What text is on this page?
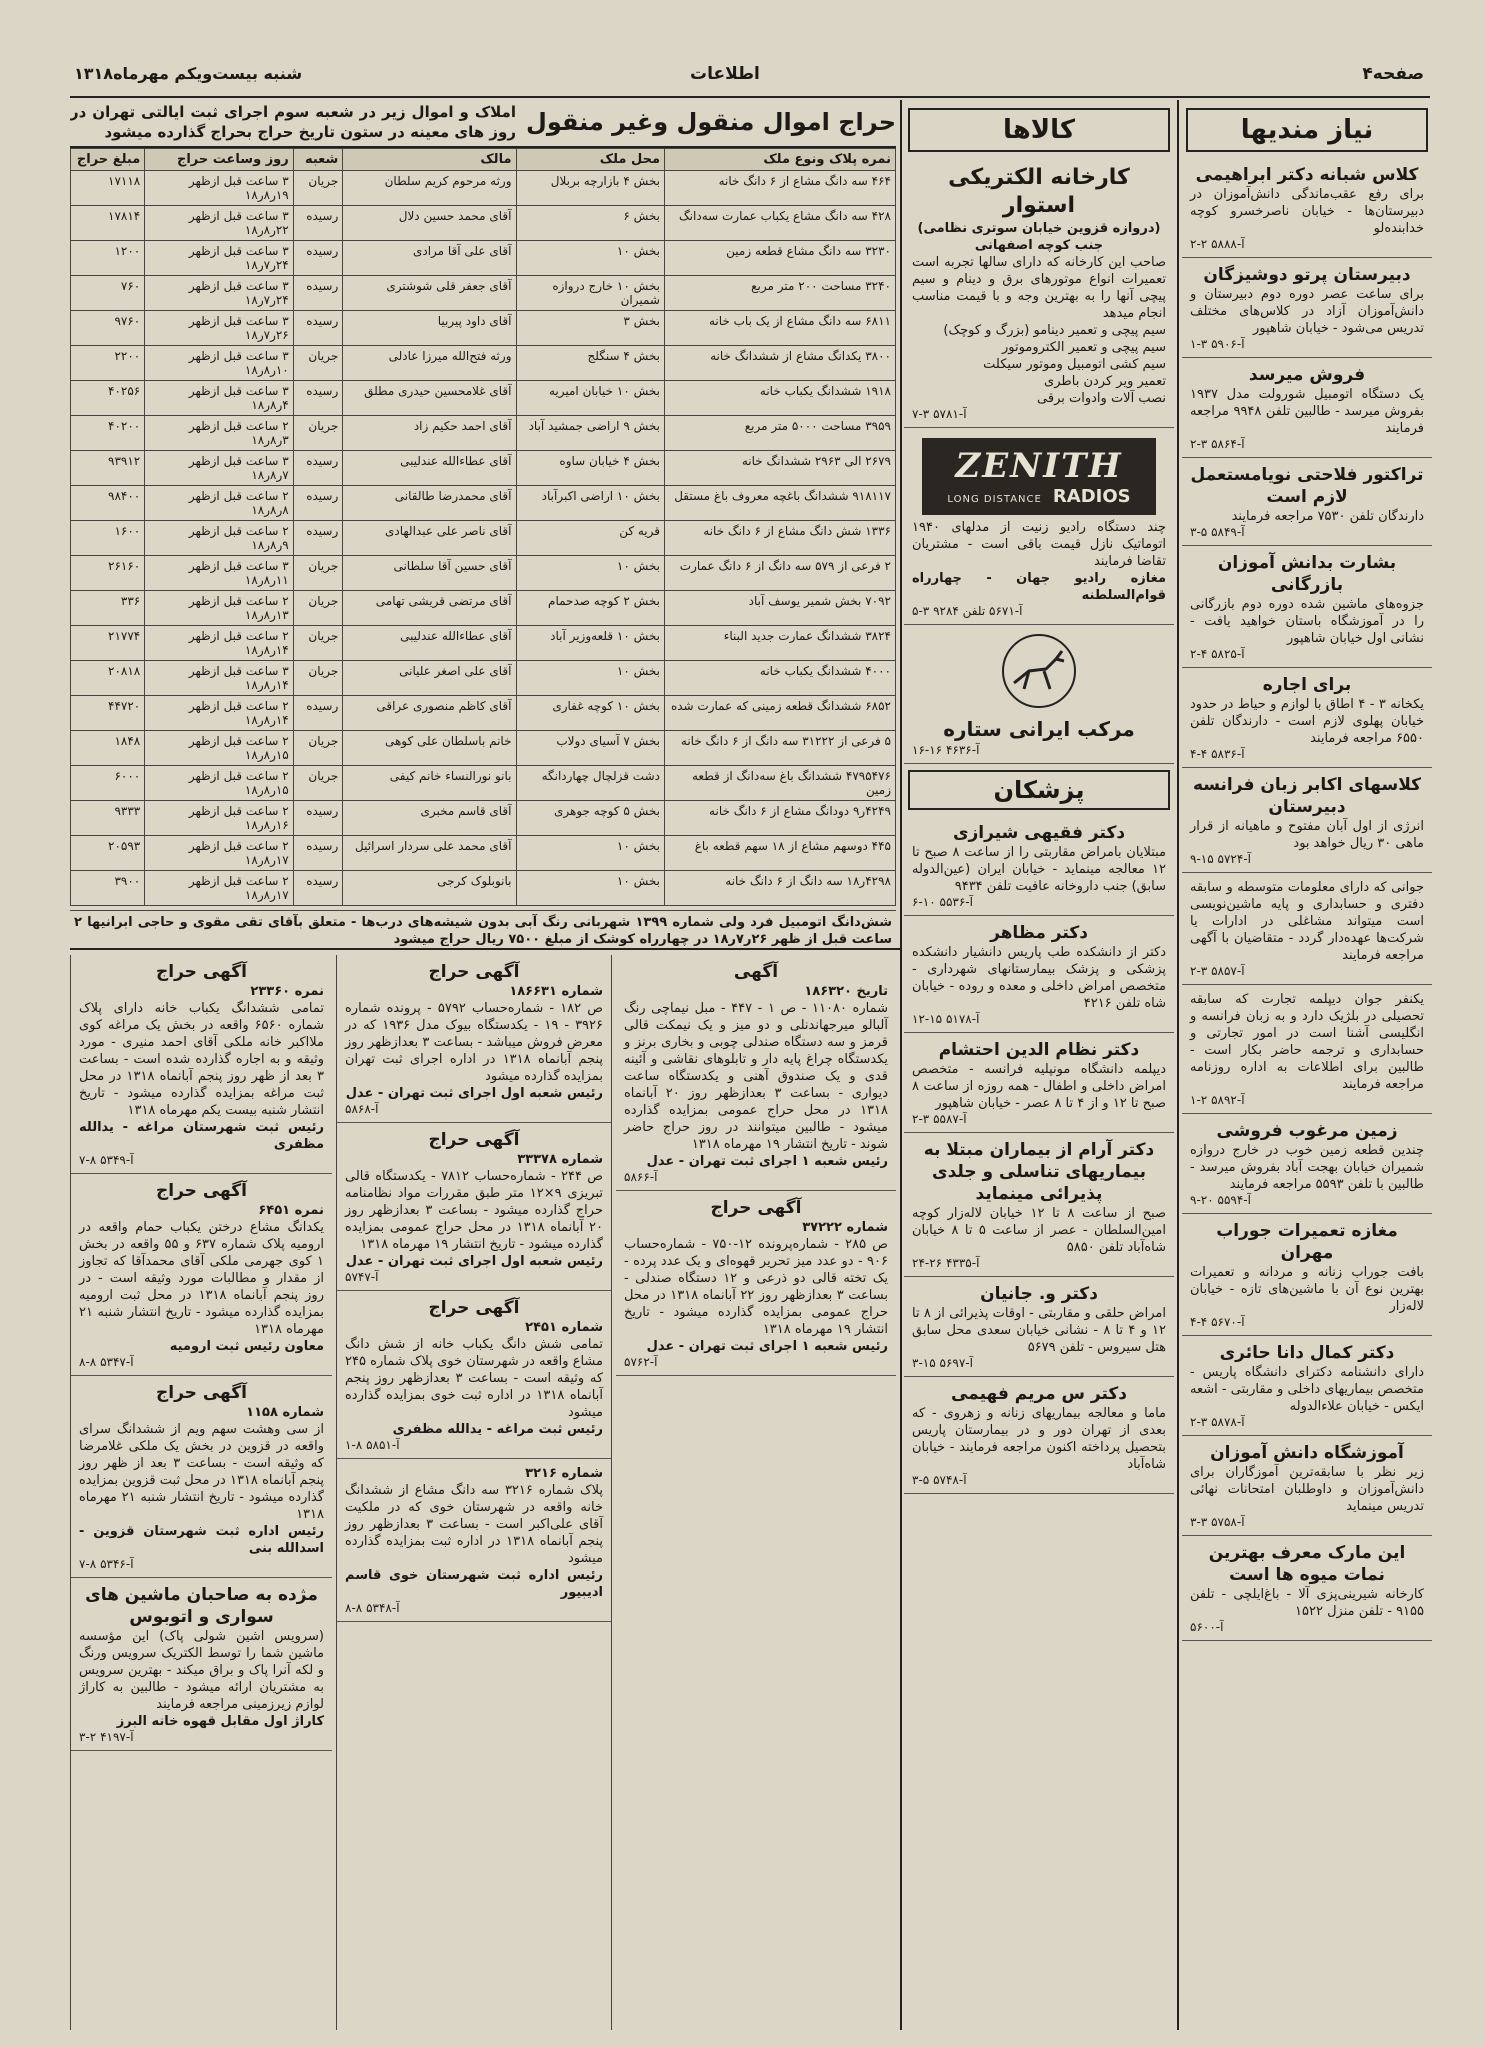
صفحه۴
اطلاعات
شنبه بیست‌ویکم مهرماه۱۳۱۸
نیاز مندیها
کلاس شبانه دکتر ابراهیمی
برای رفع عقب‌ماندگی دانش‌آموزان در دبیرستان‌ها - خیابان ناصرخسرو کوچه خدابنده‌لو
آ-۵۸۸۸ ۲-۲
دبیرستان پرتو دوشیزگان
برای ساعت عصر دوره دوم دبیرستان و دانش‌آموزان آزاد در کلاس‌های مختلف تدریس می‌شود - خیابان شاهپور
آ-۵۹۰۶ ۳-۱
فروش میرسد
یک دستگاه اتومبیل شورولت مدل ۱۹۳۷ بفروش میرسد - طالبین تلفن ۹۹۴۸ مراجعه فرمایند
آ-۵۸۶۴ ۳-۲
تراکتور فلاحتی نویامستعمل لازم است
دارندگان تلفن ۷۵۳۰ مراجعه فرمایند
آ-۵۸۴۹ ۵-۳
بشارت بدانش آموزان بازرگانی
جزوه‌های ماشین شده دوره دوم بازرگانی را در آموزشگاه باستان خواهید یافت - نشانی اول خیابان شاهپور
آ-۵۸۲۵ ۴-۲
برای اجاره
یکخانه ۳ - ۴ اطاق با لوازم و حیاط در حدود خیابان پهلوی لازم است - دارندگان تلفن ۶۵۵۰ مراجعه فرمایند
آ-۵۸۳۶ ۴-۴
کلاسهای اکابر زبان فرانسه دبیرستان
انرژی از اول آبان مفتوح و ماهیانه از قرار ماهی ۳۰ ریال خواهد بود
آ-۵۷۲۴ ۱۵-۹
جوانی که دارای معلومات متوسطه و سابقه دفتری و حسابداری و پایه ماشین‌نویسی است میتواند مشاغلی در ادارات یا شرکت‌ها عهده‌دار گردد - متقاضیان با آگهی مراجعه فرمایند
آ-۵۸۵۷ ۳-۲
یکنفر جوان دیپلمه تجارت که سابقه تحصیلی در بلژیک دارد و به زبان فرانسه و انگلیسی آشنا است در امور تجارتی و حسابداری و ترجمه حاضر بکار است - طالبین برای اطلاعات به اداره روزنامه مراجعه فرمایند
آ-۵۸۹۲ ۲-۱
زمین مرغوب فروشی
چندین قطعه زمین خوب در خارج دروازه شمیران خیابان بهجت آباد بفروش میرسد - طالبین با تلفن ۵۵۹۳ مراجعه فرمایند
آ-۵۵۹۴ ۲۰-۹
مغازه تعمیرات جوراب مهران
بافت جوراب زنانه و مردانه و تعمیرات بهترین نوع آن با ماشین‌های تازه - خیابان لاله‌زار
آ-۵۶۷۰ ۴-۴
دکتر کمال دانا حائری
دارای دانشنامه دکترای دانشگاه پاریس - متخصص بیماریهای داخلی و مقاربتی - اشعه ایکس - خیابان علاءالدوله
آ-۵۸۷۸ ۳-۲
آموزشگاه دانش آموزان
زیر نظر با سابقه‌ترین آموزگاران برای دانش‌آموزان و داوطلبان امتحانات نهائی تدریس مینماید
آ-۵۷۵۸ ۳-۳
این مارک معرف بهترین نمات میوه ها است
کارخانه شیرینی‌پزی آلا - باغ‌ایلچی - تلفن ۹۱۵۵ - تلفن منزل ۱۵۲۲
آ-۵۶۰۰
کالاها
کارخانه الکتریکی استوار
(دروازه قزوین خیابان سوتری نظامی) جنب کوچه اصفهانی
صاحب این کارخانه که دارای سالها تجربه است تعمیرات انواع موتورهای برق و دینام و سیم پیچی آنها را به بهترین وجه و با قیمت مناسب انجام میدهد
سیم پیچی و تعمیر دینامو (بزرگ و کوچک)
سیم پیچی و تعمیر الکتروموتور
سیم کشی اتومبیل وموتور سیکلت
تعمیر ویر کردن باطری
نصب آلات وادوات برقی
آ-۵۷۸۱ ۳-۷
ZENITH
LONG DISTANCE RADIOS
چند دستگاه رادیو زنیت از مدلهای ۱۹۴۰ اتوماتیک نازل قیمت باقی است - مشتریان تقاضا فرمایند
مغازه رادیو جهان - چهارراه قوام‌السلطنه
آ-۵۶۷۱ تلفن ۹۲۸۴ ۳-۵
مرکب ایرانی ستاره
آ-۴۶۳۶ ۱۶-۱۶
پزشکان
دکتر فقیهی شیرازی
مبتلایان بامراض مقاربتی را از ساعت ۸ صبح تا ۱۲ معالجه مینماید - خیابان ایران (عین‌الدوله سابق) جنب داروخانه عافیت تلفن ۹۴۳۴
آ-۵۵۳۶ ۱۰-۶
دکتر مظاهر
دکتر از دانشکده طب پاریس دانشیار دانشکده پزشکی و پزشک بیمارستانهای شهرداری - متخصص امراض داخلی و معده و روده - خیابان شاه تلفن ۴۲۱۶
آ-۵۱۷۸ ۱۵-۱۲
دکتر نظام الدین احتشام
دیپلمه دانشگاه مونپلیه فرانسه - متخصص امراض داخلی و اطفال - همه روزه از ساعت ۸ صبح تا ۱۲ و از ۴ تا ۸ عصر - خیابان شاهپور
آ-۵۵۸۷ ۳-۲
دکتر آرام از بیماران مبتلا به بیماریهای تناسلی و جلدی پذیرائی مینماید
صبح از ساعت ۸ تا ۱۲ خیابان لاله‌زار کوچه امین‌السلطان - عصر از ساعت ۵ تا ۸ خیابان شاه‌آباد تلفن ۵۸۵۰
آ-۴۳۳۵ ۲۶-۲۴
دکتر و. جانیان
امراض حلقی و مقاربتی - اوقات پذیرائی از ۸ تا ۱۲ و ۴ تا ۸ - نشانی خیابان سعدی محل سابق هتل سیروس - تلفن ۵۶۷۹
آ-۵۶۹۷ ۱۵-۳
دکتر س مریم فهیمی
ماما و معالجه بیماریهای زنانه و زهروی - که بعدی از تهران دور و در بیمارستان پاریس بتحصیل پرداخته اکنون مراجعه فرمایند - خیابان شاه‌آباد
آ-۵۷۴۸ ۵-۳
حراج اموال منقول وغیر منقول
املاک و اموال زیر در شعبه سوم اجرای ثبت ایالتی تهران در روز های معینه در ستون تاریخ حراج بحراج گذارده میشود
نمره پلاک ونوع ملک	محل ملک	مالک	شعبه	روز وساعت حراج	مبلغ حراج
۴۶۴ سه دانگ مشاع از ۶ دانگ خانه	بخش ۴ بازارچه بربلال	ورثه مرحوم کریم سلطان	جریان	۳ ساعت قبل ازظهر ۱۹ر۸ر۱۸	۱۷۱۱۸
۴۲۸ سه دانگ مشاع یکباب عمارت سه‌دانگ	بخش ۶	آقای محمد حسین دلال	رسیده	۳ ساعت قبل ازظهر ۲۲ر۸ر۱۸	۱۷۸۱۴
۳۲۳۰ سه دانگ مشاع قطعه زمین	بخش ۱۰	آقای علی آقا مرادی	رسیده	۳ ساعت قبل ازظهر ۲۴ر۷ر۱۸	۱۲۰۰
۳۲۴۰ مساحت ۲۰۰ متر مربع	بخش ۱۰ خارج دروازه شمیران	آقای جعفر قلی شوشتری	رسیده	۳ ساعت قبل ازظهر ۲۴ر۷ر۱۸	۷۶۰
۶۸۱۱ سه دانگ مشاع از یک باب خانه	بخش ۳	آقای داود پیربیا	رسیده	۳ ساعت قبل ازظهر ۲۶ر۷ر۱۸	۹۷۶۰
۳۸۰۰ یکدانگ مشاع از ششدانگ خانه	بخش ۴ سنگلج	ورثه فتح‌الله میرزا عادلی	جریان	۳ ساعت قبل ازظهر ۱۰ر۸ر۱۸	۲۲۰۰
۱۹۱۸ ششدانگ یکباب خانه	بخش ۱۰ خیابان امیریه	آقای غلامحسین حیدری مطلق	رسیده	۳ ساعت قبل ازظهر ۴ر۸ر۱۸	۴۰۲۵۶
۳۹۵۹ مساحت ۵۰۰۰ متر مربع	بخش ۹ اراضی جمشید آباد	آقای احمد حکیم زاد	جریان	۲ ساعت قبل ازظهر ۳ر۸ر۱۸	۴۰۲۰۰
۲۶۷۹ الی ۲۹۶۳ ششدانگ خانه	بخش ۴ خیابان ساوه	آقای عطاءالله عندلیبی	رسیده	۳ ساعت قبل ازظهر ۷ر۸ر۱۸	۹۳۹۱۲
۹۱۸۱۱۷ ششدانگ باغچه معروف باغ مستقل	بخش ۱۰ اراضی اکبرآباد	آقای محمدرضا طالقانی	رسیده	۲ ساعت قبل ازظهر ۸ر۸ر۱۸	۹۸۴۰۰
۱۳۳۶ شش دانگ مشاع از ۶ دانگ خانه	قریه کن	آقای ناصر علی عبدالهادی	رسیده	۲ ساعت قبل ازظهر ۹ر۸ر۱۸	۱۶۰۰
۲ فرعی از ۵۷۹ سه دانگ از ۶ دانگ عمارت	بخش ۱۰	آقای حسین آقا سلطانی	جریان	۳ ساعت قبل ازظهر ۱۱ر۸ر۱۸	۲۶۱۶۰
۷۰۹۲ بخش شمیر یوسف آباد	بخش ۲ کوچه صدحمام	آقای مرتضی قریشی تهامی	جریان	۲ ساعت قبل ازظهر ۱۳ر۸ر۱۸	۳۳۶
۳۸۲۴ ششدانگ عمارت جدید البناء	بخش ۱۰ قلعه‌وزیر آباد	آقای عطاءالله عندلیبی	جریان	۲ ساعت قبل ازظهر ۱۴ر۸ر۱۸	۲۱۷۷۴
۴۰۰۰ ششدانگ یکباب خانه	بخش ۱۰	آقای علی اصغر علیانی	جریان	۳ ساعت قبل ازظهر ۱۴ر۸ر۱۸	۲۰۸۱۸
۶۸۵۲ ششدانگ قطعه زمینی که عمارت شده	بخش ۱۰ کوچه غفاری	آقای کاظم منصوری عراقی	رسیده	۲ ساعت قبل ازظهر ۱۴ر۸ر۱۸	۴۴۷۲۰
۵ فرعی از ۳۱۲۲۲ سه دانگ از ۶ دانگ خانه	بخش ۷ آسیای دولاب	خانم باسلطان علی کوهی	جریان	۲ ساعت قبل ازظهر ۱۵ر۸ر۱۸	۱۸۴۸
۴۷۹۵۴۷۶ ششدانگ باغ سه‌دانگ از قطعه زمین	دشت قزلچال چهاردانگه	بانو نورالنساء خانم کیفی	جریان	۲ ساعت قبل ازظهر ۱۵ر۸ر۱۸	۶۰۰۰
۴۲۴۹ر۹ دودانگ مشاع از ۶ دانگ خانه	بخش ۵ کوچه جوهری	آقای قاسم مخبری	رسیده	۲ ساعت قبل ازظهر ۱۶ر۸ر۱۸	۹۳۳۳
۴۴۵ دوسهم مشاع از ۱۸ سهم قطعه باغ	بخش ۱۰	آقای محمد علی سردار اسرائیل	رسیده	۲ ساعت قبل ازظهر ۱۷ر۸ر۱۸	۲۰۵۹۳
۴۲۹۸ر۱۸ سه دانگ از ۶ دانگ خانه	بخش ۱۰	بانوبلوک کرجی	رسیده	۲ ساعت قبل ازظهر ۱۷ر۸ر۱۸	۳۹۰۰
شش‌دانگ اتومبیل فرد ولی شماره ۱۳۹۹ شهربانی رنگ آبی بدون شیشه‌های درب‌ها - متعلق بآقای تقی مقوی و حاجی ابرانیها ۲ ساعت قبل از ظهر ۲۶ر۷ر۱۸ در چهارراه کوشک از مبلغ ۷۵۰۰ ریال حراج میشود
آگهی حراج
نمره ۲۳۳۶۰
تمامی ششدانگ یکباب خانه دارای پلاک شماره ۶۵۶۰ واقعه در بخش یک مراغه کوی ملااکبر خانه ملکی آقای احمد منیری - مورد وثیقه و به اجاره گذارده شده است - بساعت ۳ بعد از ظهر روز پنجم آبانماه ۱۳۱۸ در محل ثبت مراغه بمزایده گذارده میشود - تاریخ انتشار شنبه بیست یکم مهرماه ۱۳۱۸
رئیس ثبت شهرستان مراغه - یدالله مظفری
آ-۵۳۴۹ ۸-۷
آگهی حراج
نمره ۶۴۵۱
یکدانگ مشاع درختن یکباب حمام واقعه در ارومیه پلاک شماره ۶۳۷ و ۵۵ واقعه در بخش ۱ کوی جهرمی ملکی آقای محمدآقا که تجاوز از مقدار و مطالبات مورد وثیقه است - در روز پنجم آبانماه ۱۳۱۸ در محل ثبت ارومیه بمزایده گذارده میشود - تاریخ انتشار شنبه ۲۱ مهرماه ۱۳۱۸
معاون رئیس ثبت ارومیه
آ-۵۳۴۷ ۸-۸
آگهی حراج
شماره ۱۱۵۸
از سی وهشت سهم ویم از ششدانگ سرای واقعه در قزوین در بخش یک ملکی غلامرضا که وثیقه است - بساعت ۳ بعد از ظهر روز پنجم آبانماه ۱۳۱۸ در محل ثبت قزوین بمزایده گذارده میشود - تاریخ انتشار شنبه ۲۱ مهرماه ۱۳۱۸
رئیس اداره ثبت شهرستان قزوین - اسدالله بنی
آ-۵۳۴۶ ۸-۷
مژده به صاحبان ماشین های سواری و اتوبوس
(سرویس اشین شولی پاک) این مؤسسه ماشین شما را توسط الکتریک سرویس ورنگ و لکه آنرا پاک و براق میکند - بهترین سرویس به مشتریان ارائه میشود - طالبین به کاراژ لوازم زیرزمینی مراجعه فرمایند
کاراژ اول مقابل قهوه خانه البرز
آ-۴۱۹۷ ۲-۳
آگهی حراج
شماره ۱۸۶۶۳۱
ص ۱۸۲ - شماره‌حساب ۵۷۹۲ - پرونده شماره ۳۹۲۶ - ۱۹ - یکدستگاه بیوک مدل ۱۹۳۶ که در معرض فروش میباشد - بساعت ۳ بعدازظهر روز پنجم آبانماه ۱۳۱۸ در اداره اجرای ثبت تهران بمزایده گذارده میشود
رئیس شعبه اول اجرای ثبت تهران - عدل
آ-۵۸۶۸
آگهی حراج
شماره ۳۳۳۷۸
ص ۲۴۴ - شماره‌حساب ۷۸۱۲ - یکدستگاه قالی تبریزی ۹×۱۲ متر طبق مقررات مواد نظامنامه حراج گذارده میشود - بساعت ۳ بعدازظهر روز ۲۰ آبانماه ۱۳۱۸ در محل حراج عمومی بمزایده گذارده میشود - تاریخ انتشار ۱۹ مهرماه ۱۳۱۸
رئیس شعبه اول اجرای ثبت تهران - عدل
آ-۵۷۴۷
آگهی حراج
شماره ۲۴۵۱
تمامی شش دانگ یکباب خانه از شش دانگ مشاع واقعه در شهرستان خوی پلاک شماره ۲۴۵ که وثیقه است - بساعت ۳ بعدازظهر روز پنجم آبانماه ۱۳۱۸ در اداره ثبت خوی بمزایده گذارده میشود
رئیس ثبت مراغه - یدالله مظفری
آ-۵۸۵۱ ۸-۱
شماره ۳۲۱۶
پلاک شماره ۳۲۱۶ سه دانگ مشاع از ششدانگ خانه واقعه در شهرستان خوی که در ملکیت آقای علی‌اکبر است - بساعت ۳ بعدازظهر روز پنجم آبانماه ۱۳۱۸ در اداره ثبت بمزایده گذارده میشود
رئیس اداره ثبت شهرستان خوی قاسم ادیبیور
آ-۵۳۴۸ ۸-۸
آگهی
تاریخ ۱۸۶۳۲۰
شماره ۱۱۰۸۰ - ص ۱ - ۴۴۷ - مبل نیماچی رنگ آلبالو میرجهاندنلی و دو میز و یک نیمکت قالی قرمز و سه دستگاه صندلی چوبی و بخاری برنز و یکدستگاه چراغ پایه دار و تابلوهای نقاشی و آئینه قدی و یک صندوق آهنی و یکدستگاه ساعت دیواری - بساعت ۳ بعدازظهر روز ۲۰ آبانماه ۱۳۱۸ در محل حراج عمومی بمزایده گذارده میشود - طالبین میتوانند در روز حراج حاضر شوند - تاریخ انتشار ۱۹ مهرماه ۱۳۱۸
رئیس شعبه ۱ اجرای ثبت تهران - عدل
آ-۵۸۶۶
آگهی حراج
شماره ۳۷۲۲۲
ص ۲۸۵ - شماره‌پرونده ۱۲-۷۵۰ - شماره‌حساب ۹۰۶ - دو عدد میز تحریر قهوه‌ای و یک عدد پرده - یک تخته قالی دو ذرعی و ۱۲ دستگاه صندلی - بساعت ۳ بعدازظهر روز ۲۲ آبانماه ۱۳۱۸ در محل حراج عمومی بمزایده گذارده میشود - تاریخ انتشار ۱۹ مهرماه ۱۳۱۸
رئیس شعبه ۱ اجرای ثبت تهران - عدل
آ-۵۷۶۲
